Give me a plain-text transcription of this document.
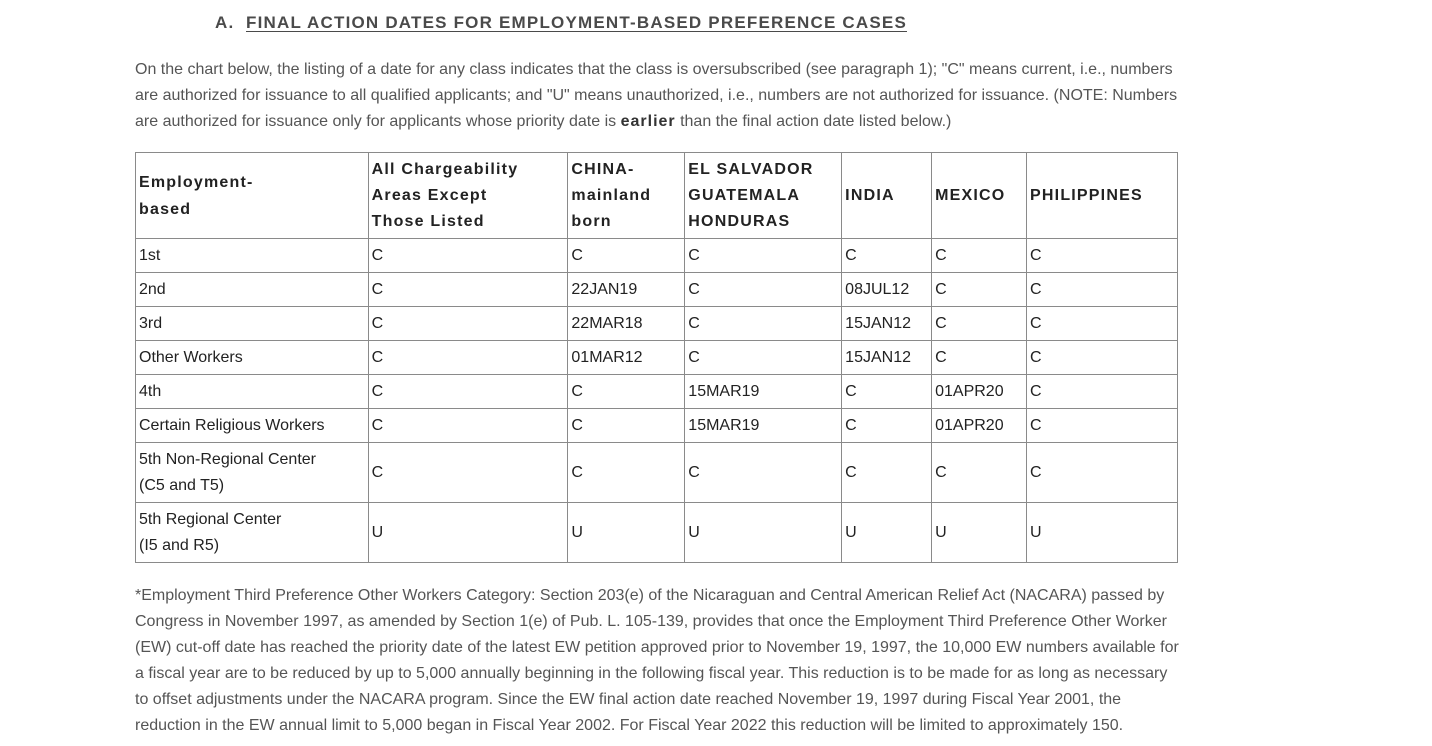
A. FINAL ACTION DATES FOR EMPLOYMENT-BASED PREFERENCE CASES

On the chart below, the listing of a date for any class indicates that the class is oversubscribed (see paragraph 1); "C" means current, i.e., numbers are authorized for issuance to all qualified applicants; and "U" means unauthorized, i.e., numbers are not authorized for issuance. (NOTE: Numbers are authorized for issuance only for applicants whose priority date is earlier than the final action date listed below.)

Employment-
based	All Chargeability
Areas Except
Those Listed	CHINA-
mainland
born	EL SALVADOR
GUATEMALA
HONDURAS	INDIA	MEXICO	PHILIPPINES
1st	C	C	C	C	C	C
2nd	C	22JAN19	C	08JUL12	C	C
3rd	C	22MAR18	C	15JAN12	C	C
Other Workers	C	01MAR12	C	15JAN12	C	C
4th	C	C	15MAR19	C	01APR20	C
Certain Religious Workers	C	C	15MAR19	C	01APR20	C
5th Non-Regional Center
(C5 and T5)	C	C	C	C	C	C
5th Regional Center
(I5 and R5)	U	U	U	U	U	U

*Employment Third Preference Other Workers Category: Section 203(e) of the Nicaraguan and Central American Relief Act (NACARA) passed by Congress in November 1997, as amended by Section 1(e) of Pub. L. 105-139, provides that once the Employment Third Preference Other Worker (EW) cut-off date has reached the priority date of the latest EW petition approved prior to November 19, 1997, the 10,000 EW numbers available for a fiscal year are to be reduced by up to 5,000 annually beginning in the following fiscal year. This reduction is to be made for as long as necessary to offset adjustments under the NACARA program. Since the EW final action date reached November 19, 1997 during Fiscal Year 2001, the reduction in the EW annual limit to 5,000 began in Fiscal Year 2002. For Fiscal Year 2022 this reduction will be limited to approximately 150.
